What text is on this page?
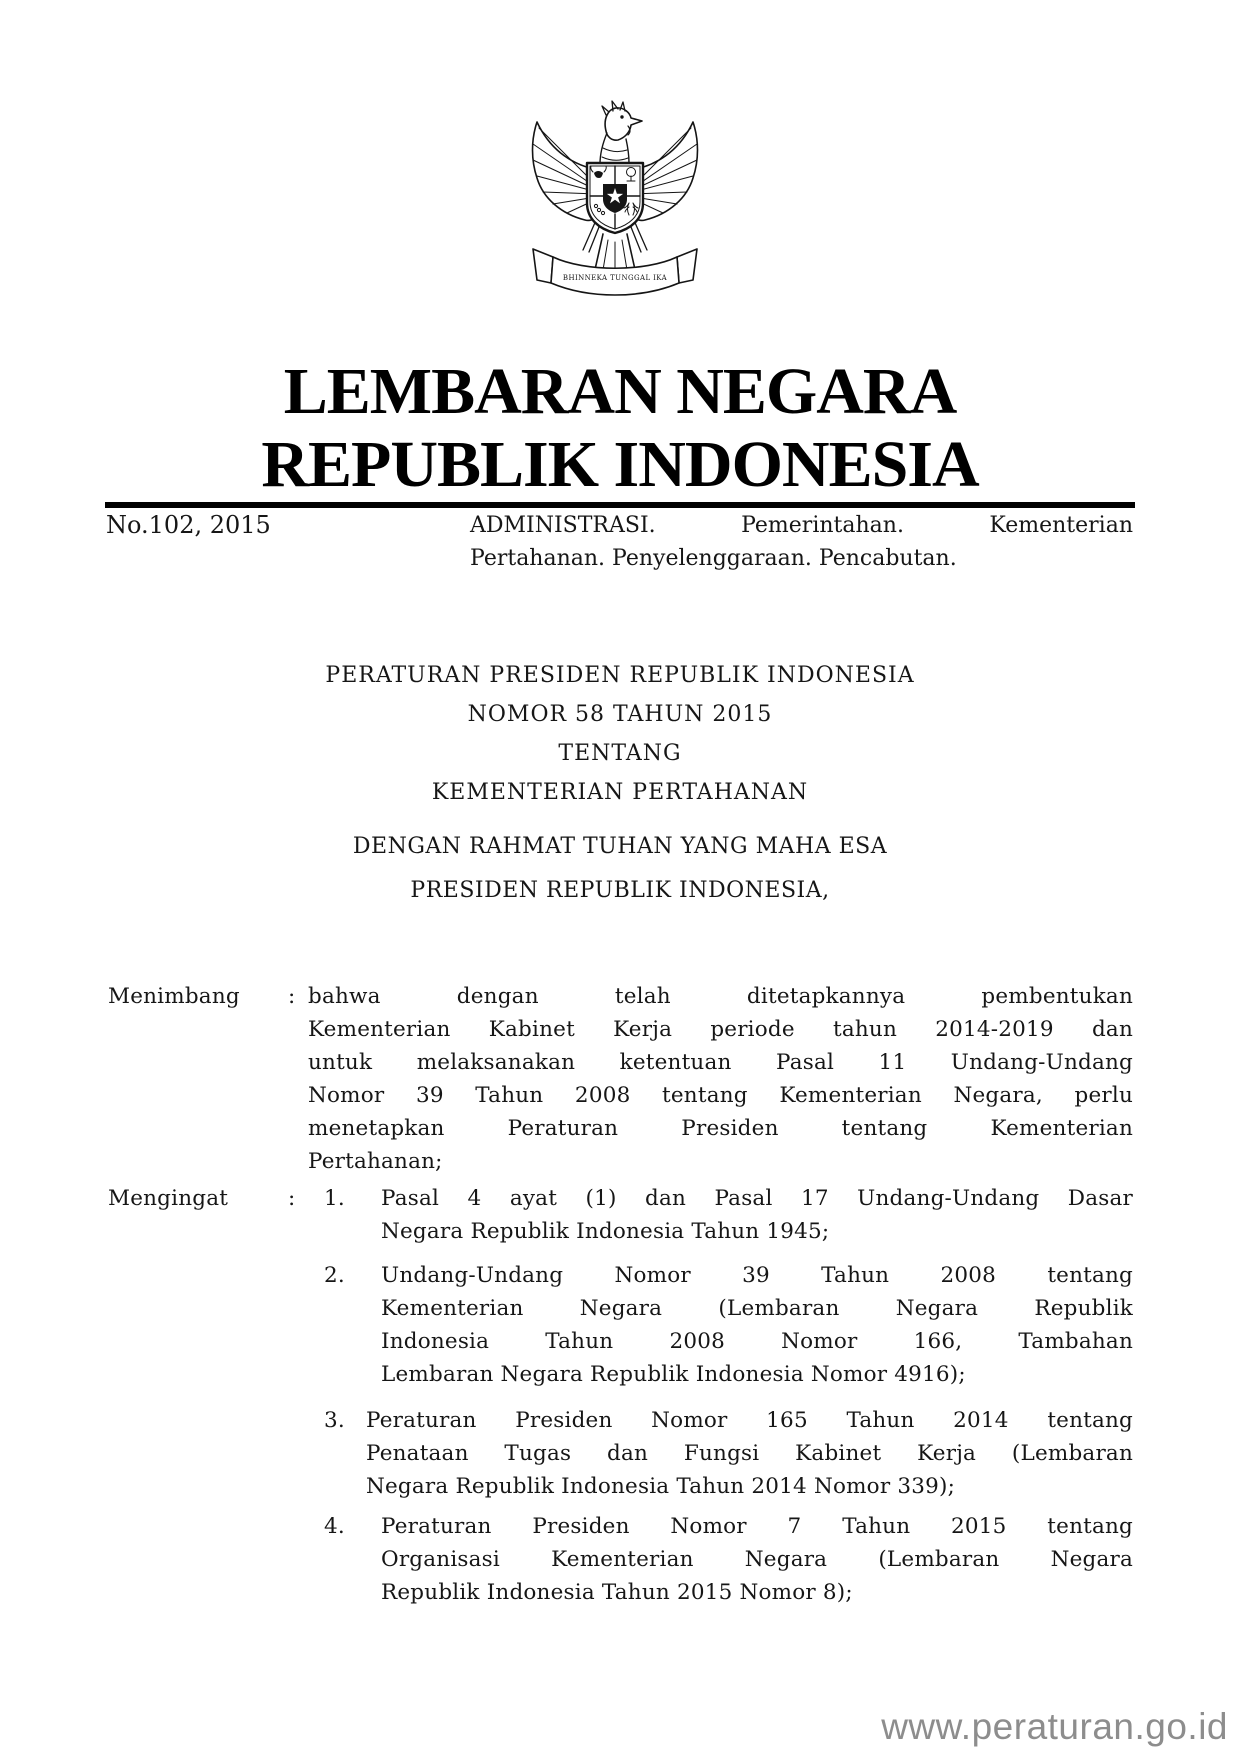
BHINNEKA TUNGGAL IKA
LEMBARAN NEGARA
REPUBLIK INDONESIA
No.102, 2015	ADMINISTRASI. Pemerintahan. Kementerian
Pertahanan. Penyelenggaraan. Pencabutan.
PERATURAN PRESIDEN REPUBLIK INDONESIA
NOMOR 58 TAHUN 2015
TENTANG
KEMENTERIAN PERTAHANAN
DENGAN RAHMAT TUHAN YANG MAHA ESA
PRESIDEN REPUBLIK INDONESIA,
Menimbang : bahwa dengan telah ditetapkannya pembentukan
Kementerian Kabinet Kerja periode tahun 2014-2019 dan
untuk melaksanakan ketentuan Pasal 11 Undang-Undang
Nomor 39 Tahun 2008 tentang Kementerian Negara, perlu
menetapkan Peraturan Presiden tentang Kementerian
Pertahanan;
Mengingat	: 1. Pasal 4 ayat (1) dan Pasal 17 Undang-Undang Dasar
Negara Republik Indonesia Tahun 1945;
2. Undang-Undang Nomor 39 Tahun 2008 tentang
Kementerian Negara (Lembaran Negara Republik
Indonesia Tahun 2008 Nomor 166, Tambahan
Lembaran Negara Republik Indonesia Nomor 4916);
3. Peraturan Presiden Nomor 165 Tahun 2014 tentang
Penataan Tugas dan Fungsi Kabinet Kerja (Lembaran
Negara Republik Indonesia Tahun 2014 Nomor 339);
4. Peraturan Presiden Nomor 7 Tahun 2015 tentang
Organisasi Kementerian Negara (Lembaran Negara
Republik Indonesia Tahun 2015 Nomor 8);
www.peraturan.go.id
